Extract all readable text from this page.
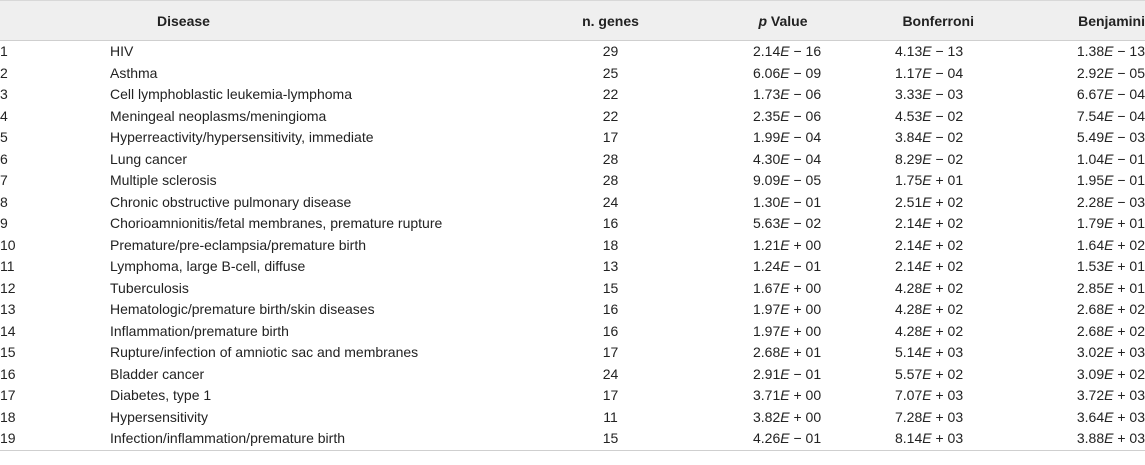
Disease		n. genes	p Value	Bonferroni	Benjamini
1	HIV	29	2.14E − 16	4.13E − 13	1.38E − 13
2	Asthma	25	6.06E − 09	1.17E − 04	2.92E − 05
3	Cell lymphoblastic leukemia-lymphoma	22	1.73E − 06	3.33E − 03	6.67E − 04
4	Meningeal neoplasms/meningioma	22	2.35E − 06	4.53E − 02	7.54E − 04
5	Hyperreactivity/hypersensitivity, immediate	17	1.99E − 04	3.84E − 02	5.49E − 03
6	Lung cancer	28	4.30E − 04	8.29E − 02	1.04E − 01
7	Multiple sclerosis	28	9.09E − 05	1.75E + 01	1.95E − 01
8	Chronic obstructive pulmonary disease	24	1.30E − 01	2.51E + 02	2.28E − 03
9	Chorioamnionitis/fetal membranes, premature rupture	16	5.63E − 02	2.14E + 02	1.79E + 01
10	Premature/pre-eclampsia/premature birth	18	1.21E + 00	2.14E + 02	1.64E + 02
11	Lymphoma, large B-cell, diffuse	13	1.24E − 01	2.14E + 02	1.53E + 01
12	Tuberculosis	15	1.67E + 00	4.28E + 02	2.85E + 01
13	Hematologic/premature birth/skin diseases	16	1.97E + 00	4.28E + 02	2.68E + 02
14	Inflammation/premature birth	16	1.97E + 00	4.28E + 02	2.68E + 02
15	Rupture/infection of amniotic sac and membranes	17	2.68E + 01	5.14E + 03	3.02E + 03
16	Bladder cancer	24	2.91E − 01	5.57E + 02	3.09E + 02
17	Diabetes, type 1	17	3.71E + 00	7.07E + 03	3.72E + 03
18	Hypersensitivity	11	3.82E + 00	7.28E + 03	3.64E + 03
19	Infection/inflammation/premature birth	15	4.26E − 01	8.14E + 03	3.88E + 03
